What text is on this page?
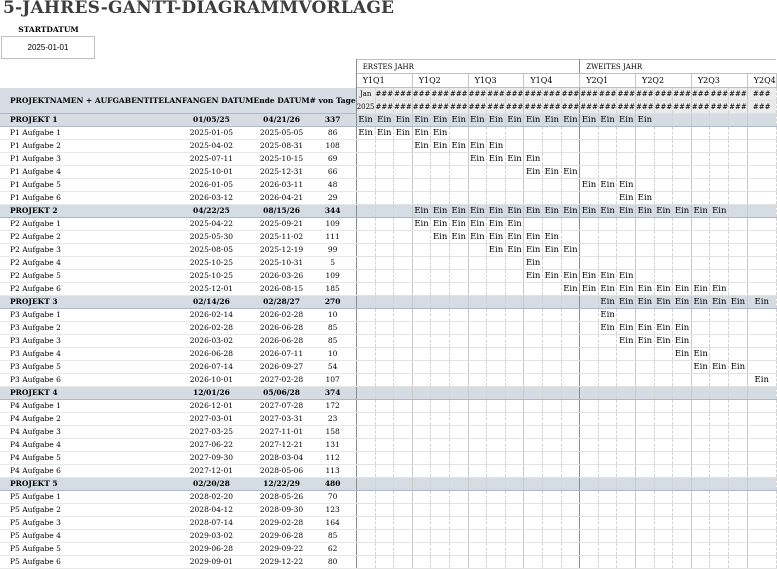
5-JAHRES-GANTT-DIAGRAMMVORLAGE
STARTDATUM
2025-01-01
				ERSTES JAHR												ZWEITES JAHR									
				Y1Q1			Y1Q2			Y1Q3			Y1Q4			Y2Q1			Y2Q2			Y2Q3			Y2Q4
PROJEKTNAMEN + AUFGABENTITEL	ANFANGEN DATUM	Ende DATUM	# von Tage	Jan	###	###	###	###	###	###	###	###	###	###	###	###	###	###	###	###	###	###	###	###	###
				2025	###	###	###	###	###	###	###	###	###	###	###	###	###	###	###	###	###	###	###	###	###
PROJEKT 1	01/05/25	04/21/26	337	Ein	Ein	Ein	Ein	Ein	Ein	Ein	Ein	Ein	Ein	Ein	Ein	Ein	Ein	Ein	Ein						
P1 Aufgabe 1	2025-01-05	2025-05-05	86	Ein	Ein	Ein	Ein	Ein																	
P1 Aufgabe 2	2025-04-02	2025-08-31	108				Ein	Ein	Ein	Ein	Ein														
P1 Aufgabe 3	2025-07-11	2025-10-15	69							Ein	Ein	Ein	Ein												
P1 Aufgabe 4	2025-10-01	2025-12-31	66										Ein	Ein	Ein										
P1 Aufgabe 5	2026-01-05	2026-03-11	48													Ein	Ein	Ein							
P1 Aufgabe 6	2026-03-12	2026-04-21	29															Ein	Ein						
PROJEKT 2	04/22/25	08/15/26	344				Ein	Ein	Ein	Ein	Ein	Ein	Ein	Ein	Ein	Ein	Ein	Ein	Ein	Ein	Ein	Ein	Ein		
P2 Aufgabe 1	2025-04-22	2025-09-21	109				Ein	Ein	Ein	Ein	Ein	Ein													
P2 Aufgabe 2	2025-05-30	2025-11-02	111					Ein	Ein	Ein	Ein	Ein	Ein	Ein											
P2 Aufgabe 3	2025-08-05	2025-12-19	99								Ein	Ein	Ein	Ein	Ein										
P2 Aufgabe 4	2025-10-25	2025-10-31	5										Ein												
P2 Aufgabe 5	2025-10-25	2026-03-26	109										Ein	Ein	Ein	Ein	Ein	Ein							
P2 Aufgabe 6	2025-12-01	2026-08-15	185												Ein	Ein	Ein	Ein	Ein	Ein	Ein	Ein	Ein		
PROJEKT 3	02/14/26	02/28/27	270														Ein	Ein	Ein	Ein	Ein	Ein	Ein	Ein	Ein
P3 Aufgabe 1	2026-02-14	2026-02-28	10														Ein								
P3 Aufgabe 2	2026-02-28	2026-06-28	85														Ein	Ein	Ein	Ein	Ein				
P3 Aufgabe 3	2026-03-02	2026-06-28	85															Ein	Ein	Ein	Ein				
P3 Aufgabe 4	2026-06-28	2026-07-11	10																		Ein	Ein			
P3 Aufgabe 5	2026-07-14	2026-09-27	54																			Ein	Ein	Ein	
P3 Aufgabe 6	2026-10-01	2027-02-28	107																						Ein
PROJEKT 4	12/01/26	05/06/28	374																						
P4 Aufgabe 1	2026-12-01	2027-07-28	172																						
P4 Aufgabe 2	2027-03-01	2027-03-31	23																						
P4 Aufgabe 3	2027-03-25	2027-11-01	158																						
P4 Aufgabe 4	2027-06-22	2027-12-21	131																						
P4 Aufgabe 5	2027-09-30	2028-03-04	112																						
P4 Aufgabe 6	2027-12-01	2028-05-06	113																						
PROJEKT 5	02/20/28	12/22/29	480																						
P5 Aufgabe 1	2028-02-20	2028-05-26	70																						
P5 Aufgabe 2	2028-04-12	2028-09-30	123																						
P5 Aufgabe 3	2028-07-14	2029-02-28	164																						
P5 Aufgabe 4	2029-03-02	2029-06-28	85																						
P5 Aufgabe 5	2029-06-28	2029-09-22	62																						
P5 Aufgabe 6	2029-09-01	2029-12-22	80																						
